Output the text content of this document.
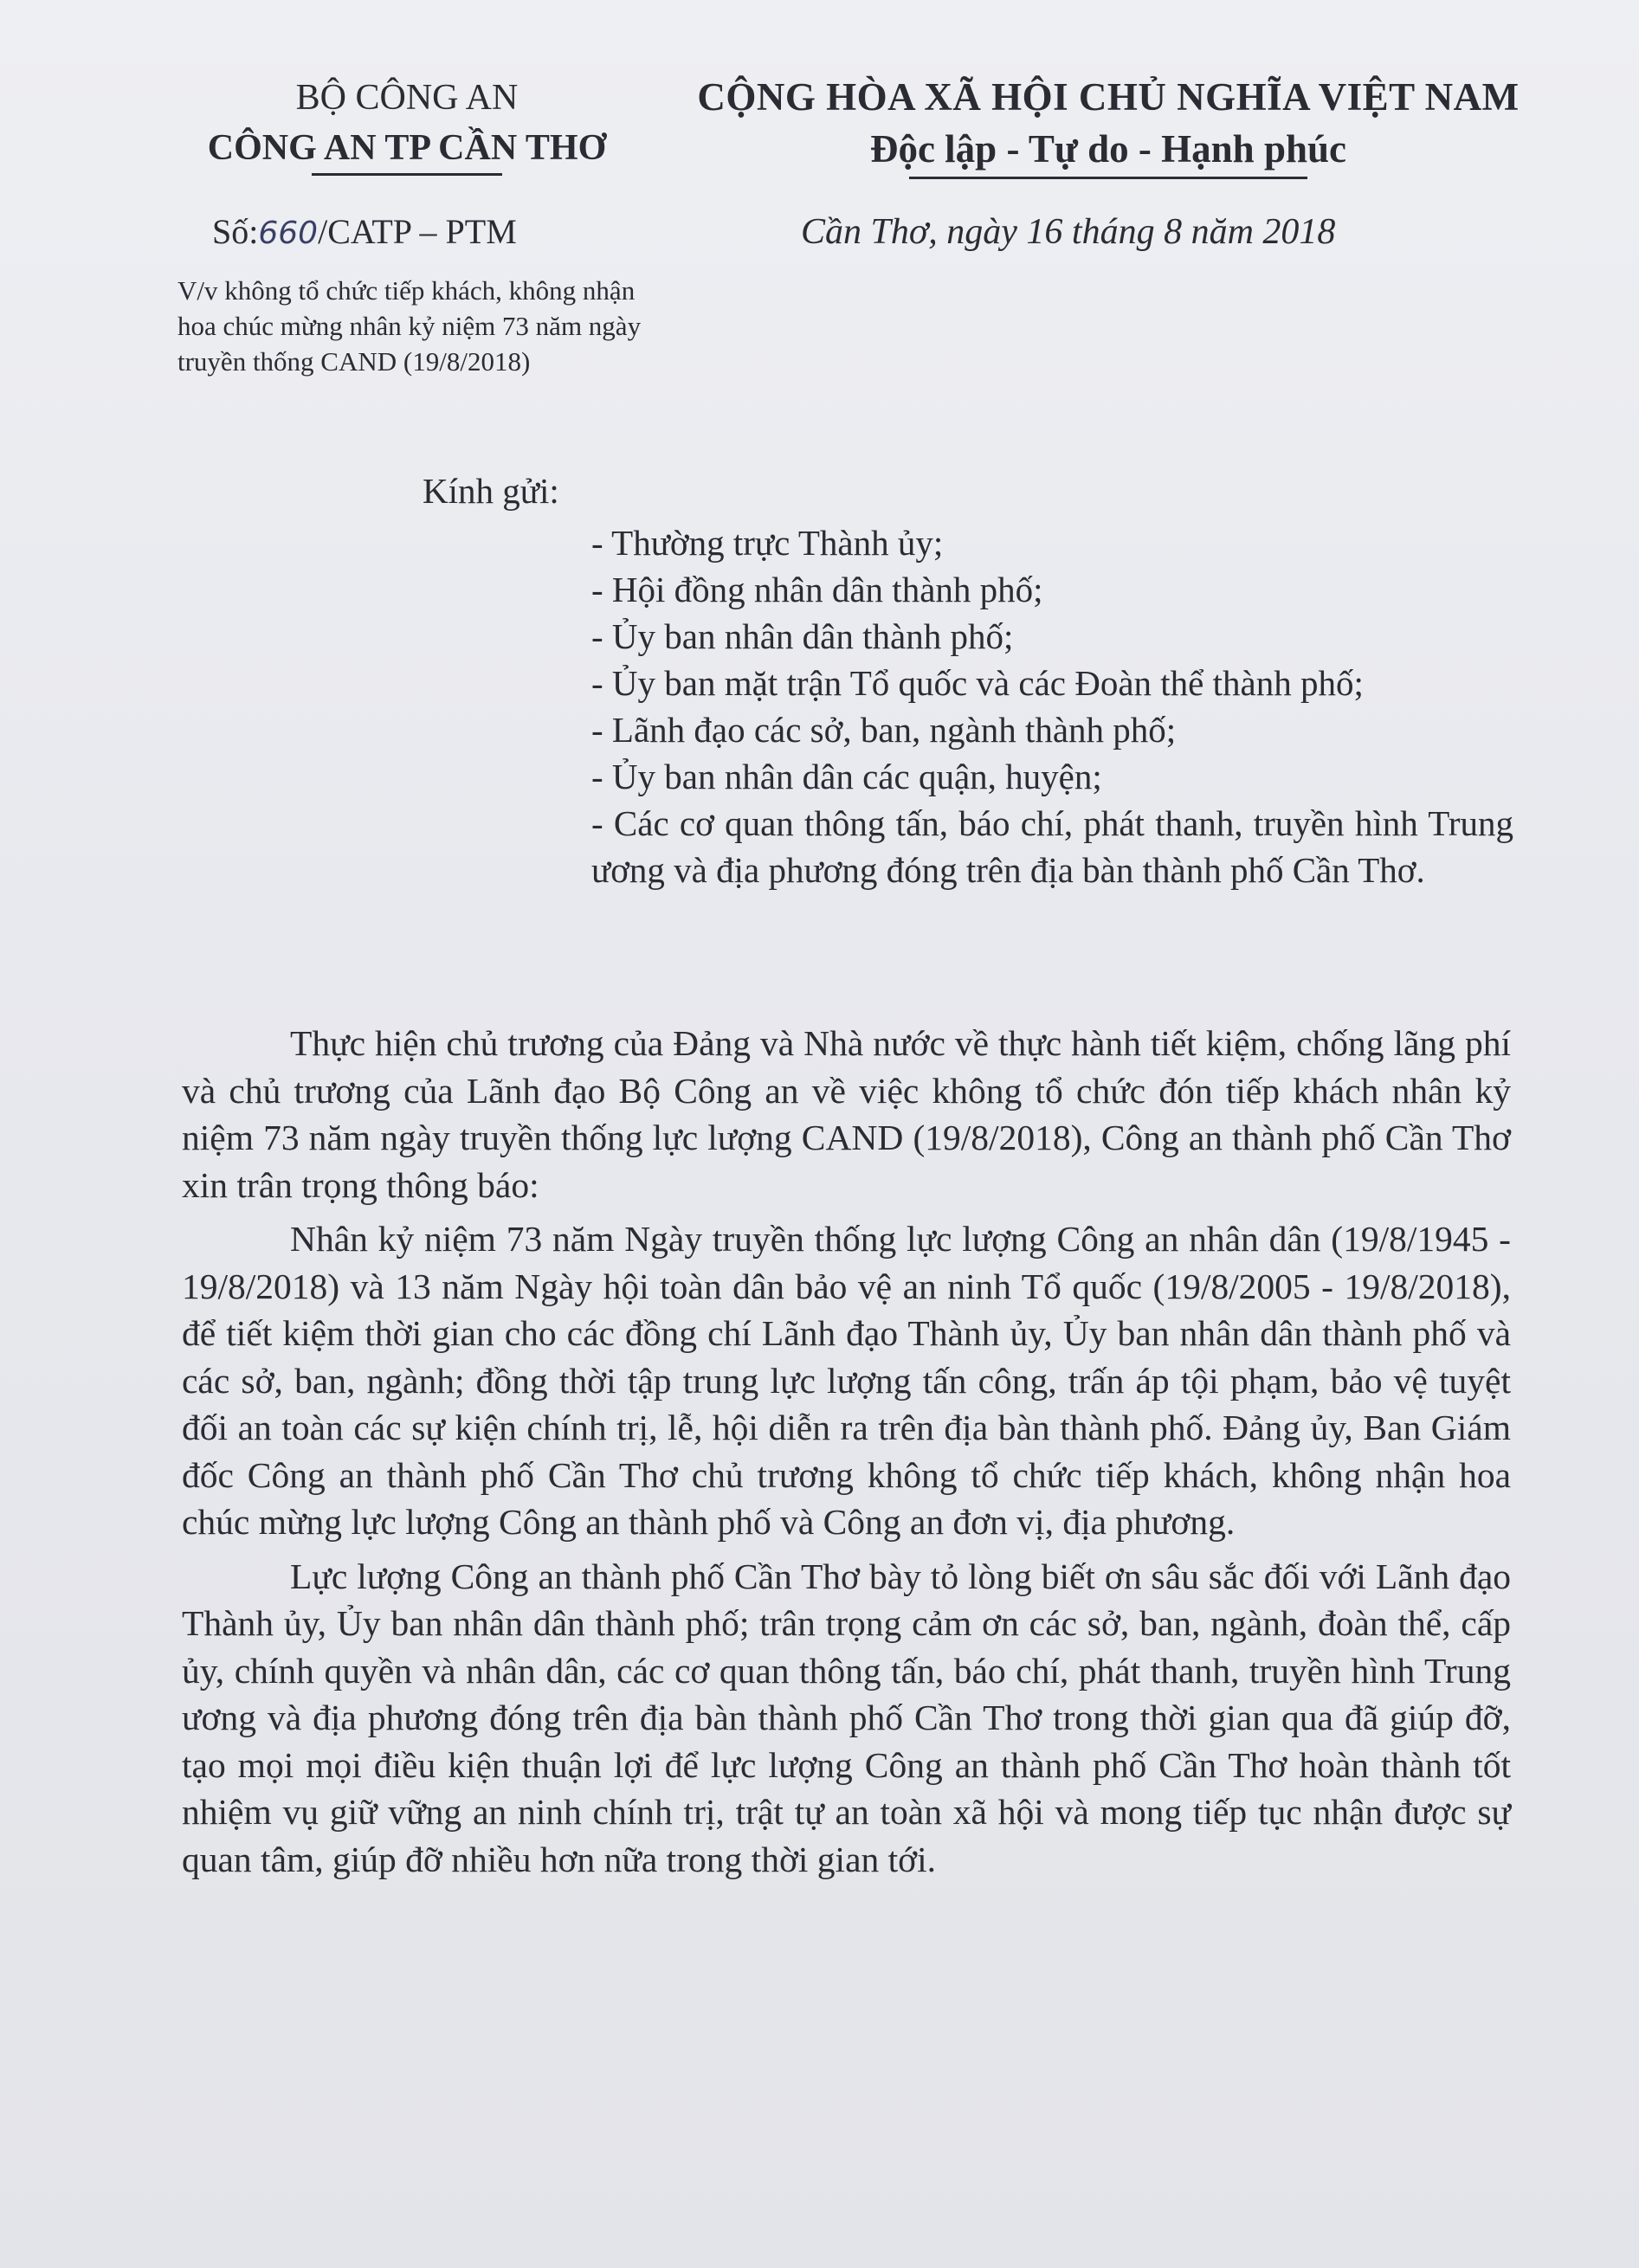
BỘ CÔNG AN
CÔNG AN TP CẦN THƠ
CỘNG HÒA XÃ HỘI CHỦ NGHĨA VIỆT NAM
Độc lập - Tự do - Hạnh phúc
Số:660/CATP – PTM	Cần Thơ, ngày 16 tháng 8 năm 2018
V/v không tổ chức tiếp khách, không nhận
hoa chúc mừng nhân kỷ niệm 73 năm ngày
truyền thống CAND (19/8/2018)
Kính gửi:
- Thường trực Thành ủy;
- Hội đồng nhân dân thành phố;
- Ủy ban nhân dân thành phố;
- Ủy ban mặt trận Tổ quốc và các Đoàn thể thành phố;
- Lãnh đạo các sở, ban, ngành thành phố;
- Ủy ban nhân dân các quận, huyện;
- Các cơ quan thông tấn, báo chí, phát thanh, truyền hình Trung ương và địa phương đóng trên địa bàn thành phố Cần Thơ.

Thực hiện chủ trương của Đảng và Nhà nước về thực hành tiết kiệm, chống lãng phí và chủ trương của Lãnh đạo Bộ Công an về việc không tổ chức đón tiếp khách nhân kỷ niệm 73 năm ngày truyền thống lực lượng CAND (19/8/2018), Công an thành phố Cần Thơ xin trân trọng thông báo:

Nhân kỷ niệm 73 năm Ngày truyền thống lực lượng Công an nhân dân (19/8/1945 - 19/8/2018) và 13 năm Ngày hội toàn dân bảo vệ an ninh Tổ quốc (19/8/2005 - 19/8/2018), để tiết kiệm thời gian cho các đồng chí Lãnh đạo Thành ủy, Ủy ban nhân dân thành phố và các sở, ban, ngành; đồng thời tập trung lực lượng tấn công, trấn áp tội phạm, bảo vệ tuyệt đối an toàn các sự kiện chính trị, lễ, hội diễn ra trên địa bàn thành phố. Đảng ủy, Ban Giám đốc Công an thành phố Cần Thơ chủ trương không tổ chức tiếp khách, không nhận hoa chúc mừng lực lượng Công an thành phố và Công an đơn vị, địa phương.

Lực lượng Công an thành phố Cần Thơ bày tỏ lòng biết ơn sâu sắc đối với Lãnh đạo Thành ủy, Ủy ban nhân dân thành phố; trân trọng cảm ơn các sở, ban, ngành, đoàn thể, cấp ủy, chính quyền và nhân dân, các cơ quan thông tấn, báo chí, phát thanh, truyền hình Trung ương và địa phương đóng trên địa bàn thành phố Cần Thơ trong thời gian qua đã giúp đỡ, tạo mọi mọi điều kiện thuận lợi để lực lượng Công an thành phố Cần Thơ hoàn thành tốt nhiệm vụ giữ vững an ninh chính trị, trật tự an toàn xã hội và mong tiếp tục nhận được sự quan tâm, giúp đỡ nhiều hơn nữa trong thời gian tới.
